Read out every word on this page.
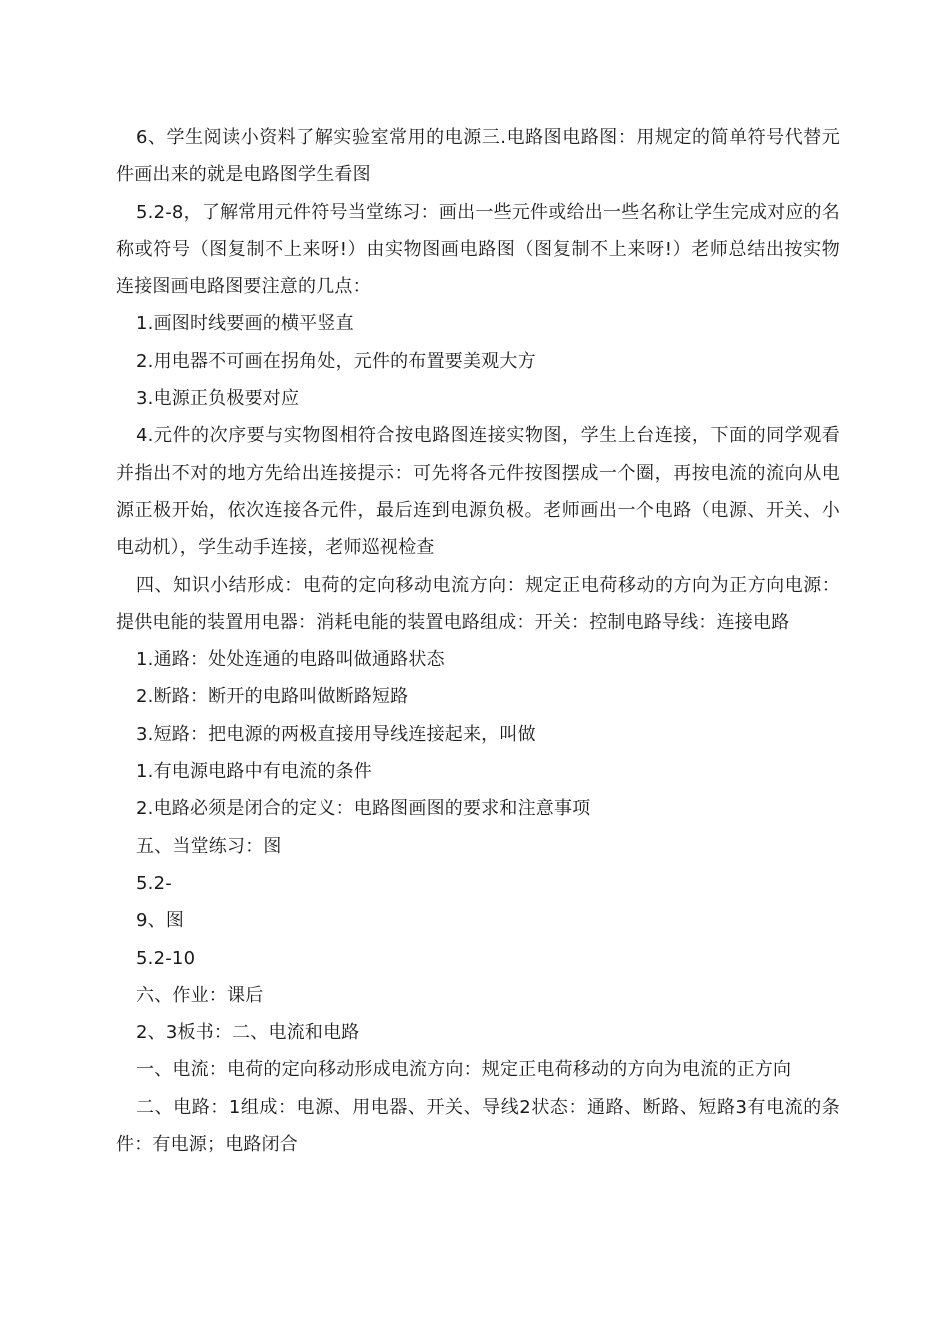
6、学生阅读小资料了解实验室常用的电源三.电路图电路图：用规定的简单符号代替元件画出来的就是电路图学生看图

5.2-8，了解常用元件符号当堂练习：画出一些元件或给出一些名称让学生完成对应的名称或符号（图复制不上来呀!）由实物图画电路图（图复制不上来呀!）老师总结出按实物连接图画电路图要注意的几点：

1.画图时线要画的横平竖直

2.用电器不可画在拐角处，元件的布置要美观大方

3.电源正负极要对应

4.元件的次序要与实物图相符合按电路图连接实物图，学生上台连接，下面的同学观看并指出不对的地方先给出连接提示：可先将各元件按图摆成一个圈，再按电流的流向从电源正极开始，依次连接各元件，最后连到电源负极。老师画出一个电路（电源、开关、小电动机），学生动手连接，老师巡视检查

四、知识小结形成：电荷的定向移动电流方向：规定正电荷移动的方向为正方向电源：提供电能的装置用电器：消耗电能的装置电路组成：开关：控制电路导线：连接电路

1.通路：处处连通的电路叫做通路状态

2.断路：断开的电路叫做断路短路

3.短路：把电源的两极直接用导线连接起来，叫做

1.有电源电路中有电流的条件

2.电路必须是闭合的定义：电路图画图的要求和注意事项

五、当堂练习：图

5.2-

9、图

5.2-10

六、作业：课后

2、3板书：二、电流和电路

一、电流：电荷的定向移动形成电流方向：规定正电荷移动的方向为电流的正方向

二、电路：1组成：电源、用电器、开关、导线2状态：通路、断路、短路3有电流的条件：有电源；电路闭合
